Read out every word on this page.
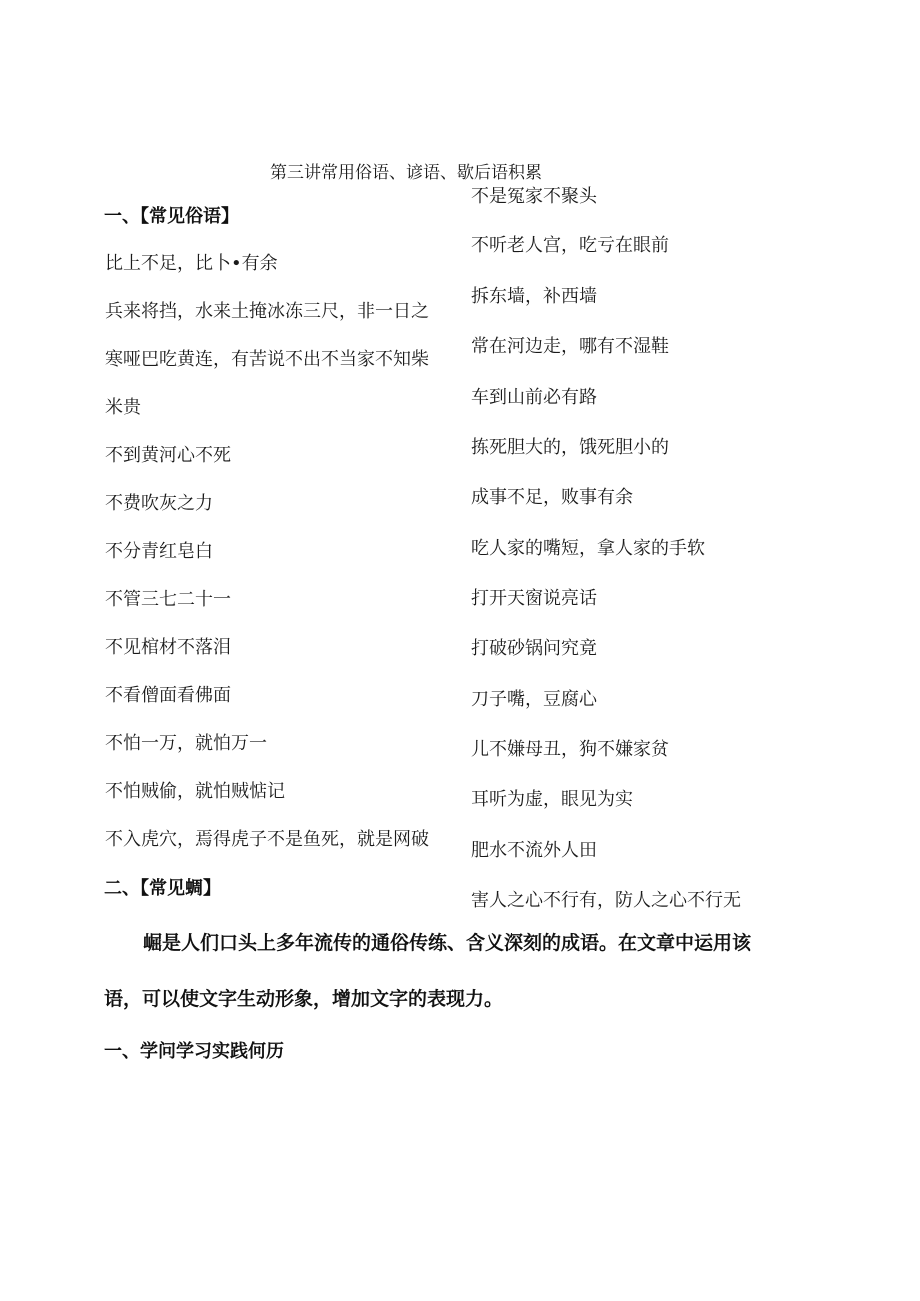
第三讲常用俗语、谚语、歇后语积累

一、【常见俗语】

比上不足，比卜•有余

兵来将挡，水来土掩冰冻三尺，非一日之

寒哑巴吃黄连，有苦说不出不当家不知柴

米贵

不到黄河心不死

不费吹灰之力

不分青红皂白

不管三七二十一

不见棺材不落泪

不看僧面看佛面

不怕一万，就怕万一

不怕贼偷，就怕贼惦记

不入虎穴，焉得虎子不是鱼死，就是网破

不是冤家不聚头

不听老人宫，吃亏在眼前

拆东墙，补西墙

常在河边走，哪有不湿鞋

车到山前必有路

拣死胆大的，饿死胆小的

成事不足，败事有余

吃人家的嘴短，拿人家的手软

打开天窗说亮话

打破砂锅问究竟

刀子嘴，豆腐心

儿不嫌母丑，狗不嫌家贫

耳听为虚，眼见为实

肥水不流外人田

害人之心不行有，防人之心不行无

二、【常见蜩】

崛是人们口头上多年流传的通俗传练、含义深刻的成语。在文章中运用该

语，可以使文字生动形象，增加文字的表现力。

一、学问学习实践何历
